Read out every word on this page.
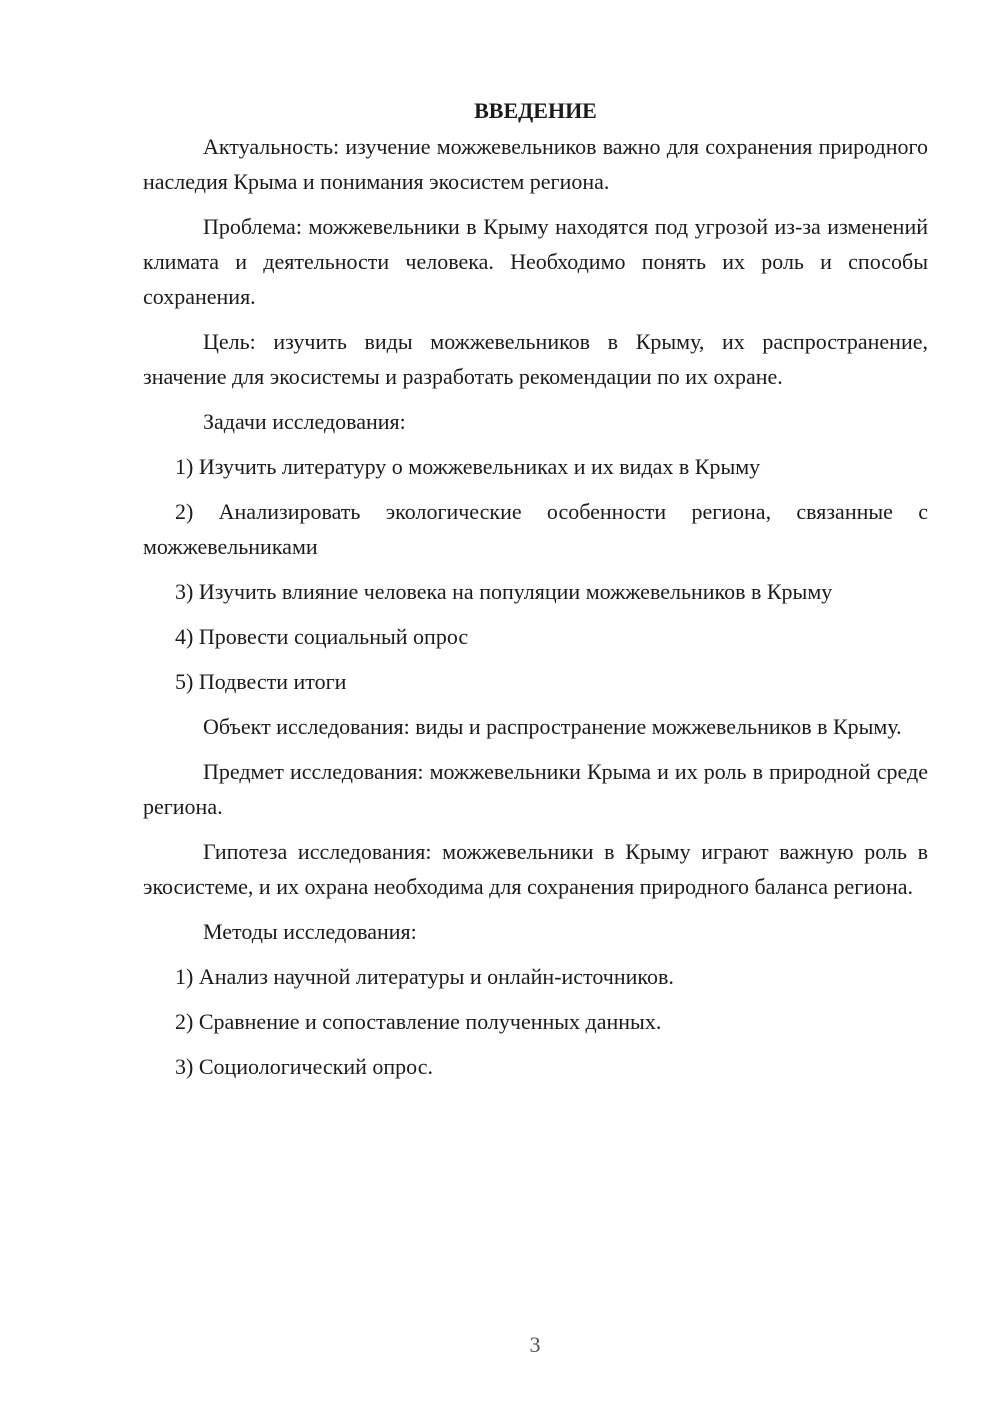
ВВЕДЕНИЕ

Актуальность: изучение можжевельников важно для сохранения природного наследия Крыма и понимания экосистем региона.

Проблема: можжевельники в Крыму находятся под угрозой из-за изменений климата и деятельности человека. Необходимо понять их роль и способы сохранения.

Цель: изучить виды можжевельников в Крыму, их распространение, значение для экосистемы и разработать рекомендации по их охране.

Задачи исследования:

1) Изучить литературу о можжевельниках и их видах в Крыму

2) Анализировать экологические особенности региона, связанные с можжевельниками

3) Изучить влияние человека на популяции можжевельников в Крыму

4) Провести социальный опрос

5) Подвести итоги

Объект исследования: виды и распространение можжевельников в Крыму.

Предмет исследования: можжевельники Крыма и их роль в природной среде региона.

Гипотеза исследования: можжевельники в Крыму играют важную роль в экосистеме, и их охрана необходима для сохранения природного баланса региона.

Методы исследования:

1) Анализ научной литературы и онлайн-источников.

2) Сравнение и сопоставление полученных данных.

3) Социологический опрос.

3
